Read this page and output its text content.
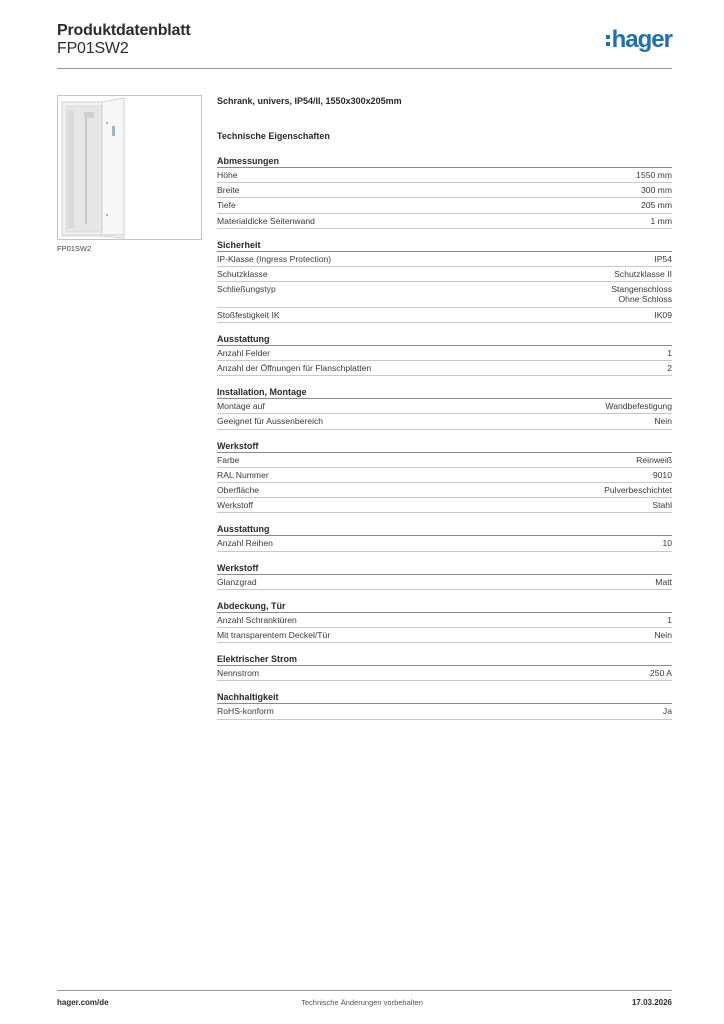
Produktdatenblatt
FP01SW2	hager
FP01SW2
Schrank, univers, IP54/II, 1550x300x205mm
Technische Eigenschaften
Abmessungen
Höhe	1550 mm
Breite	300 mm
Tiefe	205 mm
Materialdicke Seitenwand	1 mm
Sicherheit
IP-Klasse (Ingress Protection)	IP54
Schutzklasse	Schutzklasse II
Schließungstyp	Stangenschloss
Ohne Schloss
Stoßfestigkeit IK	IK09
Ausstattung
Anzahl Felder	1
Anzahl der Öffnungen für Flanschplatten	2
Installation, Montage
Montage auf	Wandbefestigung
Geeignet für Aussenbereich	Nein
Werkstoff
Farbe	Reinweiß
RAL Nummer	9010
Oberfläche	Pulverbeschichtet
Werkstoff	Stahl
Ausstattung
Anzahl Reihen	10
Werkstoff
Glanzgrad	Matt
Abdeckung, Tür
Anzahl Schranktüren	1
Mit transparentem Deckel/Tür	Nein
Elektrischer Strom
Nennstrom	250 A
Nachhaltigkeit
RoHS-konform	Ja
hager.com/de	Technische Änderungen vorbehalten	17.03.2026
